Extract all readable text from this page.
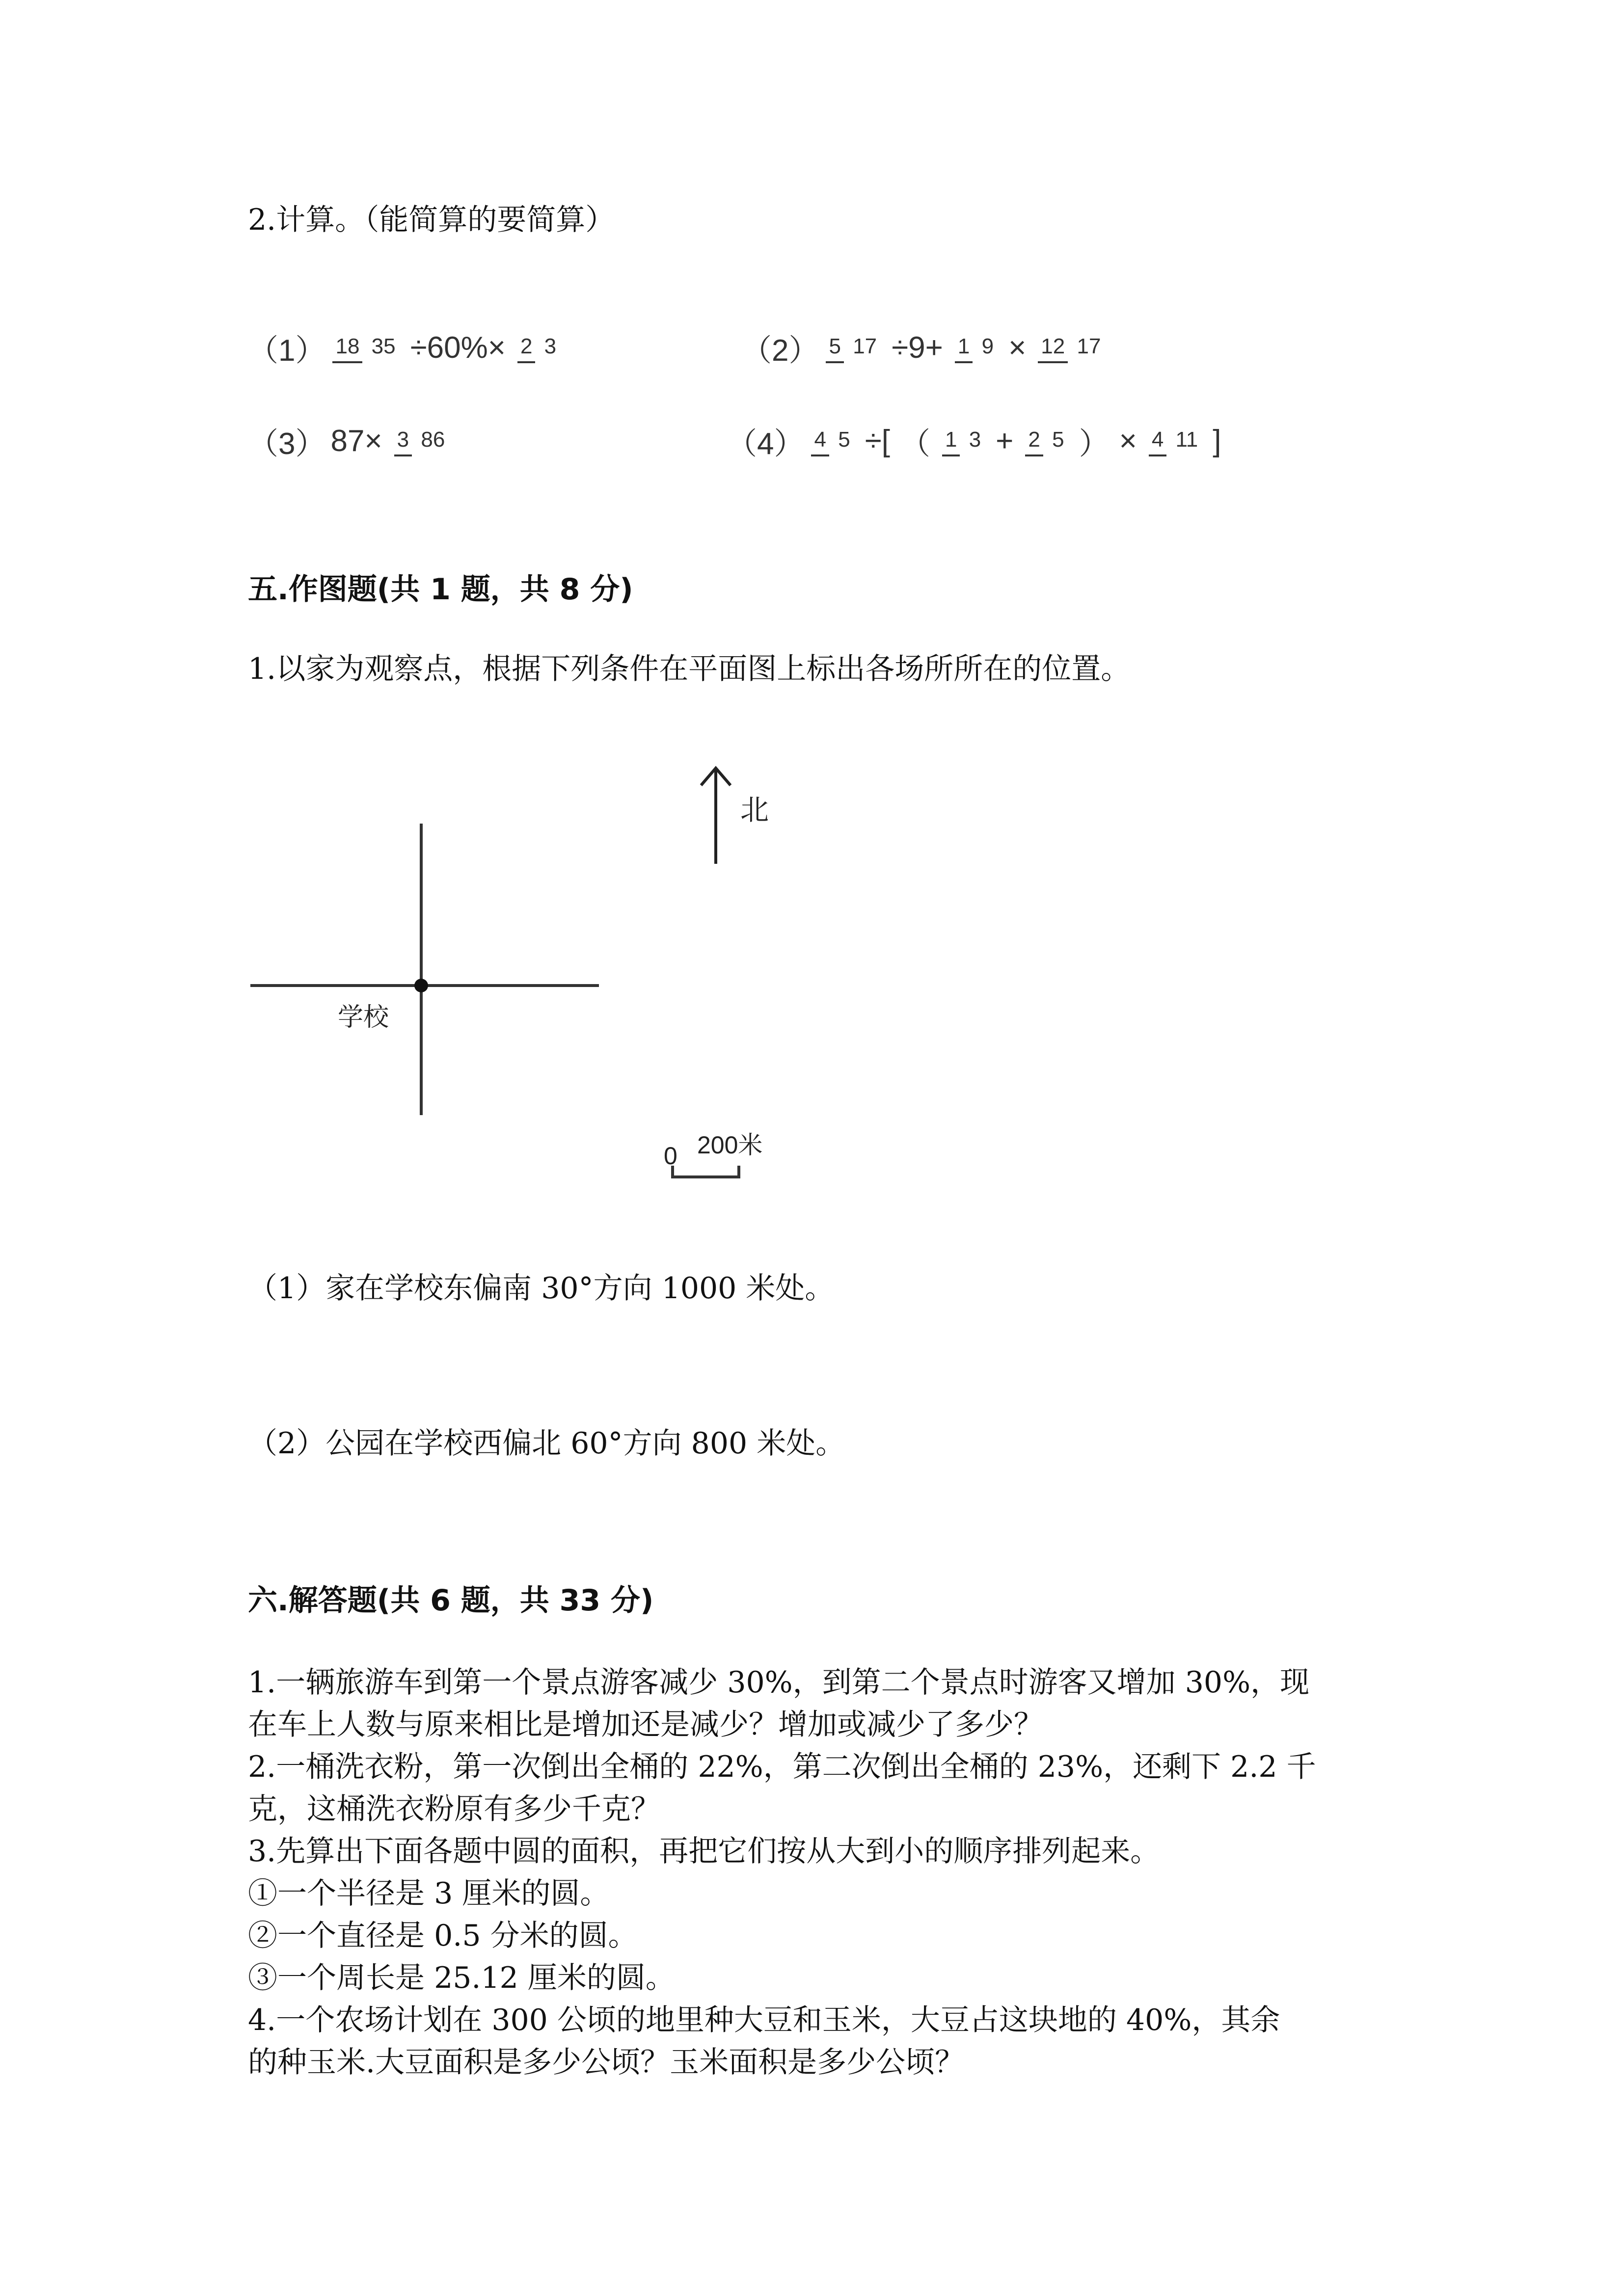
2.计算。（能简算的要简算）
（1） 18 35 ÷60%× 2 3	（2） 5 17 ÷9+ 1 9 × 12 17
（3） 87× 3 86	（4） 4 5 ÷[ （ 1 3 + 2 5 ） × 4 11 ]
五.作图题(共 1 题，共 8 分)
1.以家为观察点，根据下列条件在平面图上标出各场所所在的位置。
北
学校
0 200米
（1）家在学校东偏南 30°方向 1000 米处。
（2）公园在学校西偏北 60°方向 800 米处。
六.解答题(共 6 题，共 33 分)
1.一辆旅游车到第一个景点游客减少 30%，到第二个景点时游客又增加 30%，现
在车上人数与原来相比是增加还是减少？增加或减少了多少？
2.一桶洗衣粉，第一次倒出全桶的 22%，第二次倒出全桶的 23%，还剩下 2.2 千
克，这桶洗衣粉原有多少千克？
3.先算出下面各题中圆的面积，再把它们按从大到小的顺序排列起来。
①一个半径是 3 厘米的圆。
②一个直径是 0.5 分米的圆。
③一个周长是 25.12 厘米的圆。
4.一个农场计划在 300 公顷的地里种大豆和玉米，大豆占这块地的 40%，其余
的种玉米.大豆面积是多少公顷？玉米面积是多少公顷？
